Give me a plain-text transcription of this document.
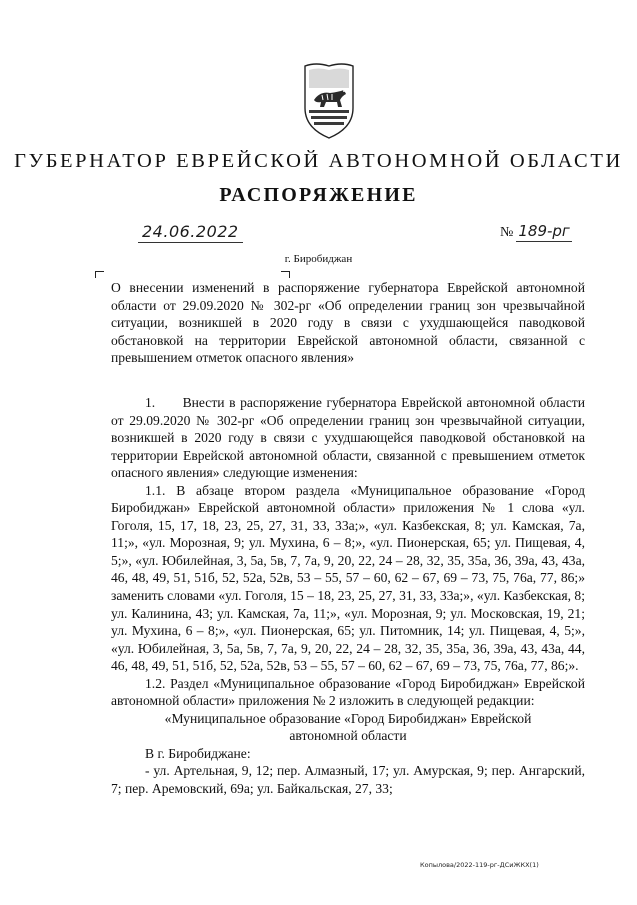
ГУБЕРНАТОР ЕВРЕЙСКОЙ АВТОНОМНОЙ ОБЛАСТИ
РАСПОРЯЖЕНИЕ
24.06.2022	№ 189-рг
г. Биробиджан
О внесении изменений в распоряжение губернатора Еврейской автономной области от 29.09.2020 № 302-рг «Об определении границ зон чрезвычайной ситуации, возникшей в 2020 году в связи с ухудшающейся паводковой обстановкой на территории Еврейской автономной области, связанной с превышением отметок опасного явления»

1.      Внести в распоряжение губернатора Еврейской автономной области от 29.09.2020 № 302-рг «Об определении границ зон чрезвычайной ситуации, возникшей в 2020 году в связи с ухудшающейся паводковой обстановкой на территории Еврейской автономной области, связанной с превышением отметок опасного явления» следующие изменения:

1.1. В абзаце втором раздела «Муниципальное образование «Город Биробиджан» Еврейской автономной области» приложения № 1 слова «ул. Гоголя, 15, 17, 18, 23, 25, 27, 31, 33, 33а;», «ул. Казбекская, 8; ул. Камская, 7а, 11;», «ул. Морозная, 9; ул. Мухина, 6 – 8;», «ул. Пионерская, 65; ул. Пищевая, 4, 5;», «ул. Юбилейная, 3, 5а, 5в, 7, 7а, 9, 20, 22, 24 – 28, 32, 35, 35а, 36, 39а, 43, 43а, 46, 48, 49, 51, 51б, 52, 52а, 52в, 53 – 55, 57 – 60, 62 – 67, 69 – 73, 75, 76а, 77, 86;» заменить словами «ул. Гоголя, 15 – 18, 23, 25, 27, 31, 33, 33а;», «ул. Казбекская, 8; ул. Калинина, 43; ул. Камская, 7а, 11;», «ул. Морозная, 9; ул. Московская, 19, 21; ул. Мухина, 6 – 8;», «ул. Пионерская, 65; ул. Питомник, 14; ул. Пищевая, 4, 5;», «ул. Юбилейная, 3, 5а, 5в, 7, 7а, 9, 20, 22, 24 – 28, 32, 35, 35а, 36, 39а, 43, 43а, 44, 46, 48, 49, 51, 51б, 52, 52а, 52в, 53 – 55, 57 – 60, 62 – 67, 69 – 73, 75, 76а, 77, 86;».

1.2. Раздел «Муниципальное образование «Город Биробиджан» Еврейской автономной области» приложения № 2 изложить в следующей редакции:

«Муниципальное образование «Город Биробиджан» Еврейской автономной области

В г. Биробиджане:

- ул. Артельная, 9, 12; пер. Алмазный, 17; ул. Амурская, 9; пер. Ангарский, 7; пер. Аремовский, 69а; ул. Байкальская, 27, 33;

Копылова/2022-119-рг-ДСиЖКХ(1)
